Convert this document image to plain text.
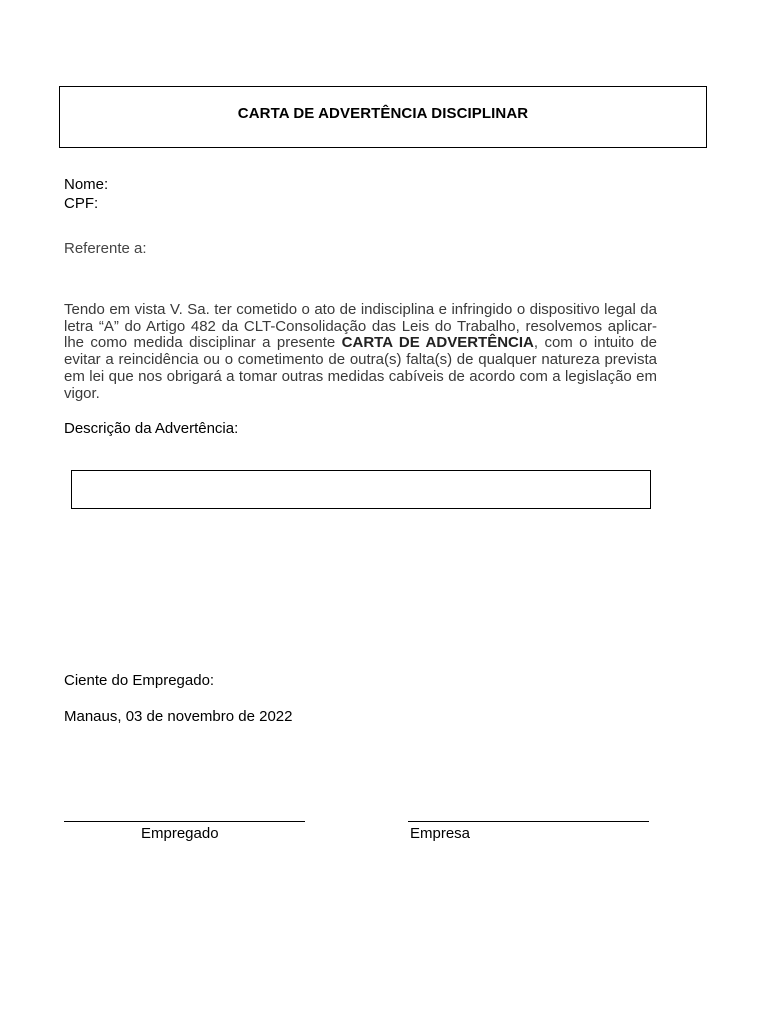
CARTA DE ADVERTÊNCIA DISCIPLINAR
Nome:
CPF:
Referente a:
Tendo em vista V. Sa. ter cometido o ato de indisciplina e infringido o dispositivo legal da letra “A” do Artigo 482 da CLT-Consolidação das Leis do Trabalho, resolvemos aplicar-lhe como medida disciplinar a presente CARTA DE ADVERTÊNCIA, com o intuito de evitar a reincidência ou o cometimento de outra(s) falta(s) de qualquer natureza prevista em lei que nos obrigará a tomar outras medidas cabíveis de acordo com a legislação em vigor.
Descrição da Advertência:
Ciente do Empregado:
Manaus, 03 de novembro de 2022
Empregado	Empresa
